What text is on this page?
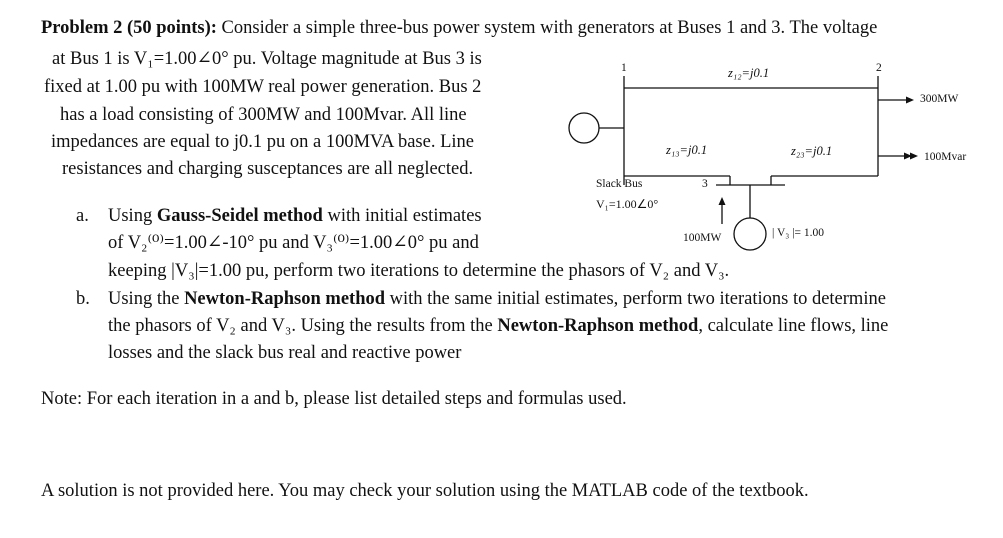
Problem 2 (50 points): Consider a simple three-bus power system with generators at Buses 1 and 3. The voltage
at Bus 1 is V₁=1.00∠0° pu. Voltage magnitude at Bus 3 is
fixed at 1.00 pu with 100MW real power generation. Bus 2
has a load consisting of 300MW and 100Mvar. All line
impedances are equal to j0.1 pu on a 100MVA base. Line
resistances and charging susceptances are all neglected.
a. Using Gauss-Seidel method with initial estimates
of V₂⁽⁰⁾=1.00∠-10° pu and V₃⁽⁰⁾=1.00∠0° pu and
keeping |V₃|=1.00 pu, perform two iterations to determine the phasors of V₂ and V₃.
b. Using the Newton-Raphson method with the same initial estimates, perform two iterations to determine
the phasors of V₂ and V₃. Using the results from the Newton-Raphson method, calculate line flows, line
losses and the slack bus real and reactive power
Note: For each iteration in a and b, please list detailed steps and formulas used.
A solution is not provided here. You may check your solution using the MATLAB code of the textbook.
1	2
3
z₁₂=j0.1
z₁₃=j0.1	z₂₃=j0.1
300MW
100Mvar
Slack Bus
V₁=1.00∠0°
100MW	| V₃ |= 1.00
